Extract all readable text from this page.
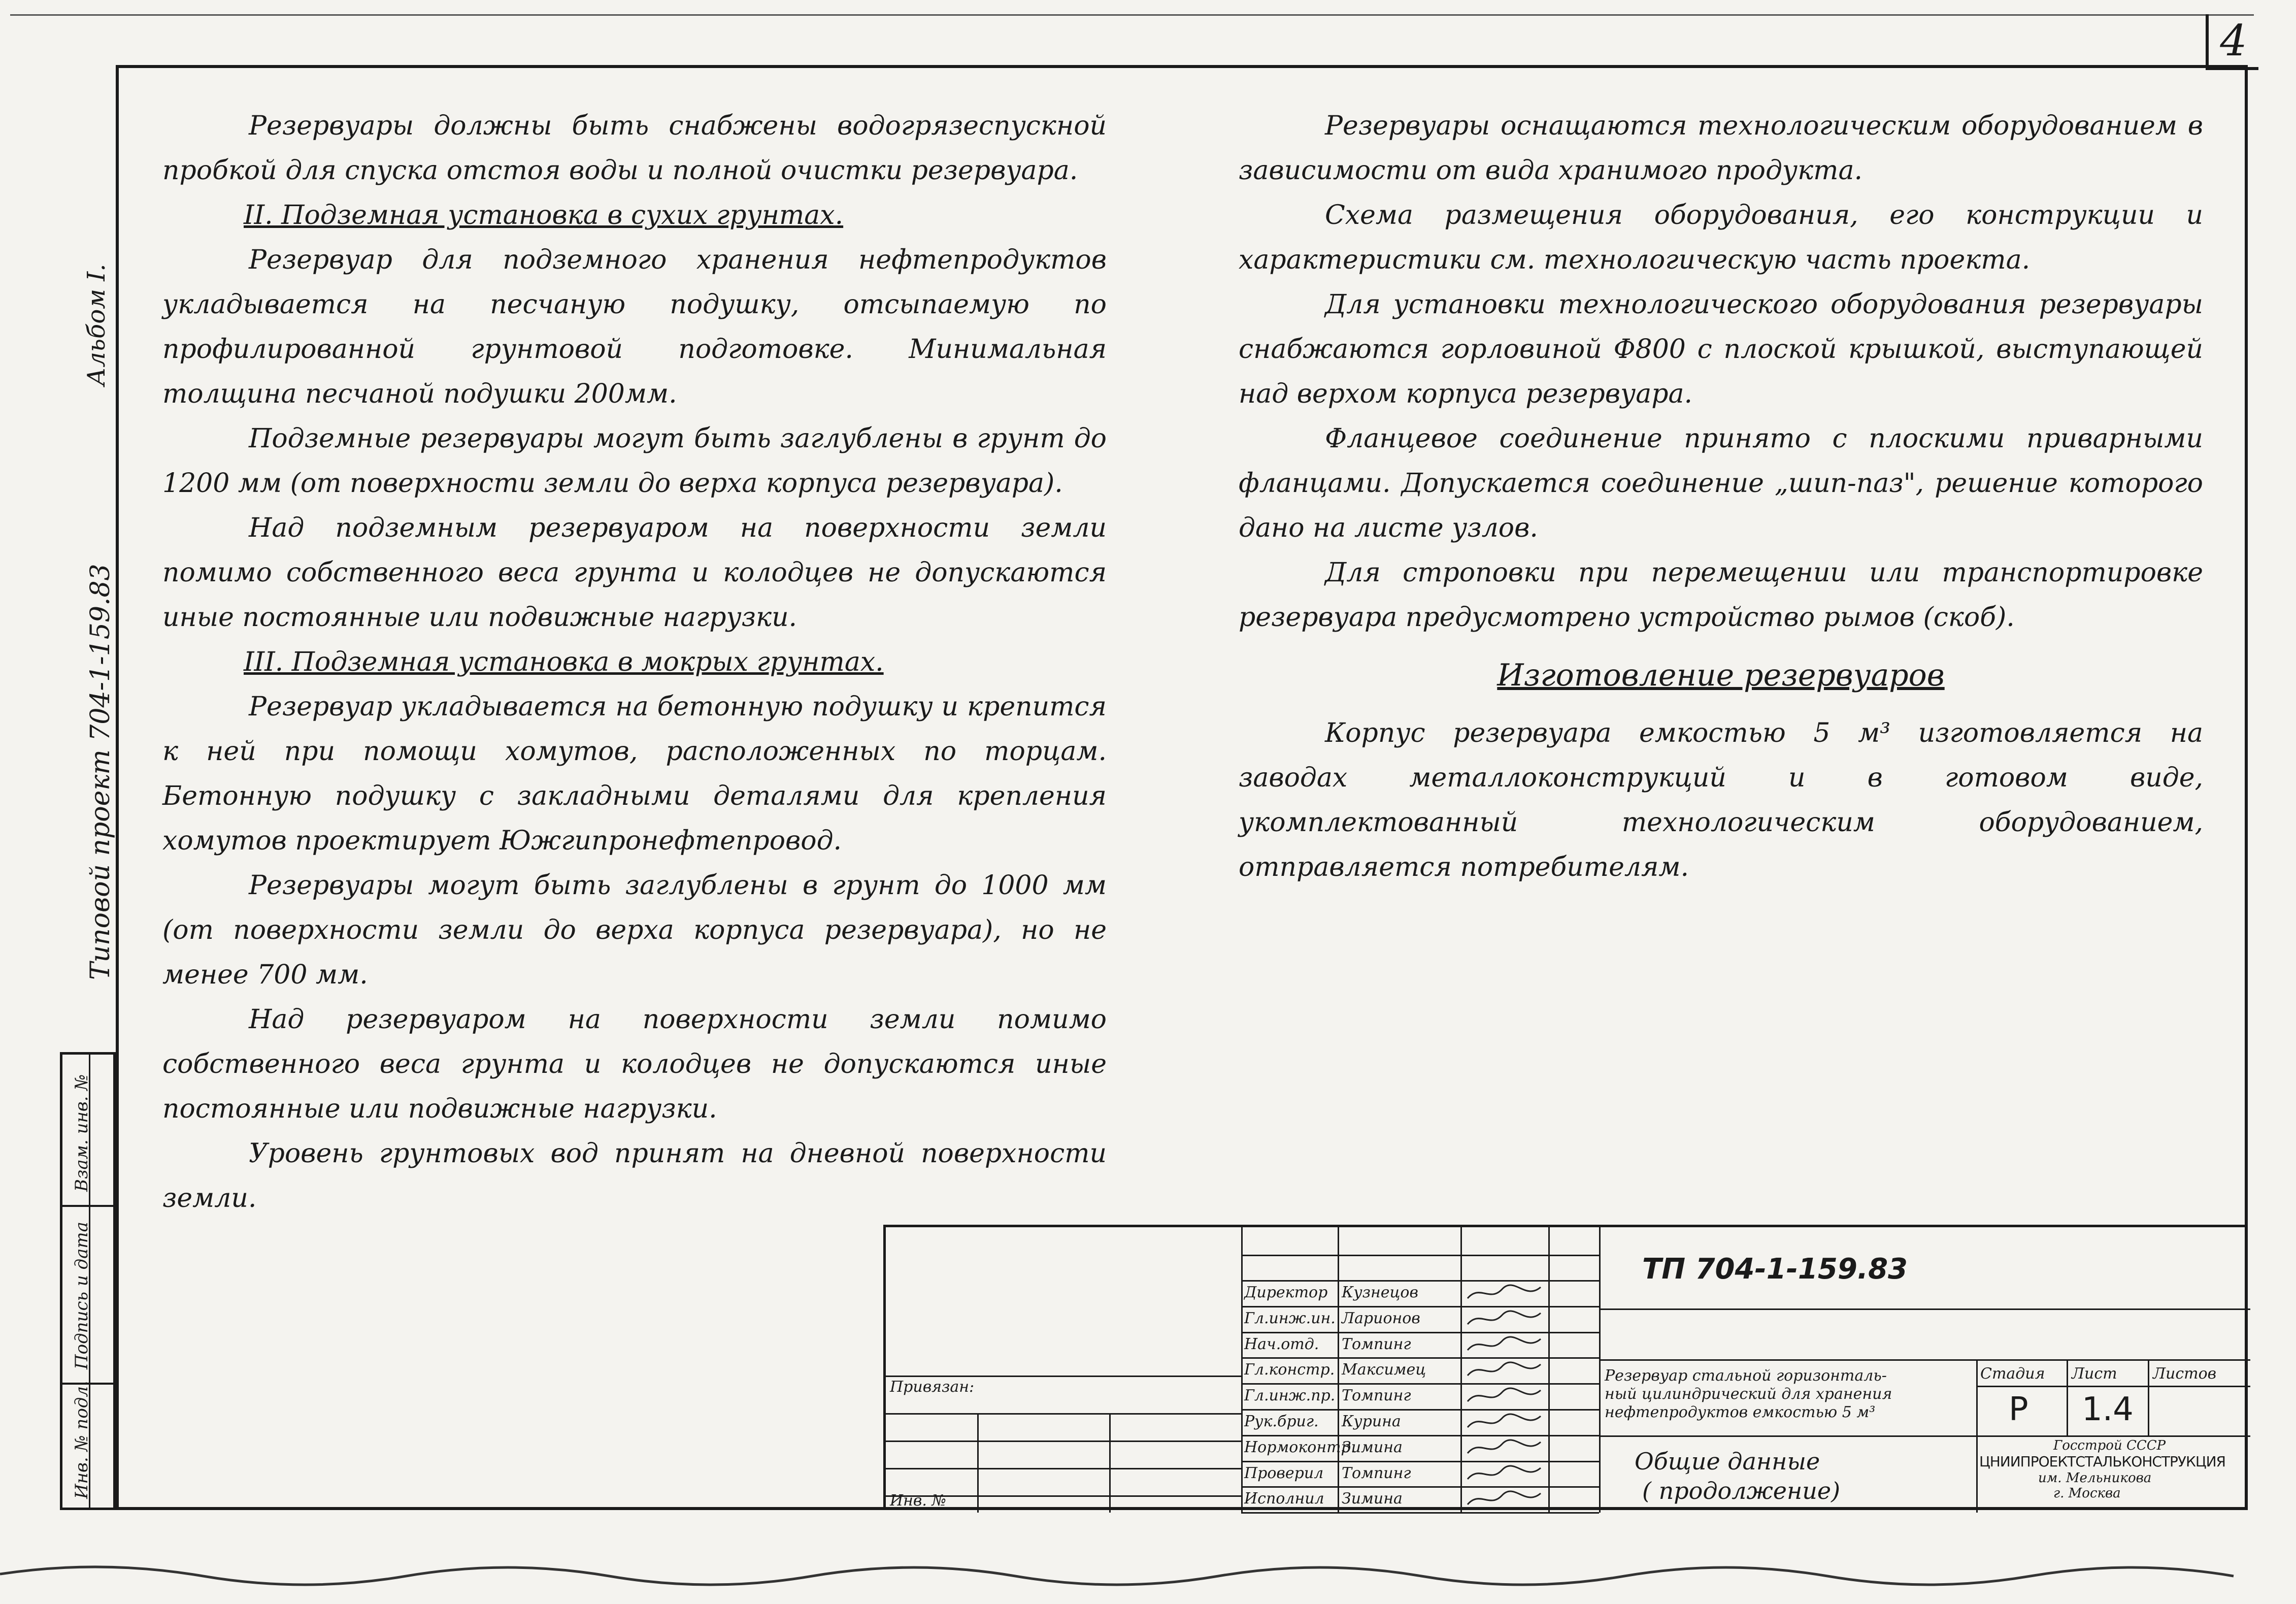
4
Альбом I.
Типовой проект 704-1-159.83
Взам. инв. №
Подпись и дата
Инв. № подл.

Резервуары должны быть снабжены водогрязеспускной пробкой для спуска отстоя воды и полной очистки резервуара.

II. Подземная установка в сухих грунтах.

Резервуар для подземного хранения нефтепродуктов укладывается на песчаную подушку, отсыпаемую по профилированной грунтовой подготовке. Минимальная толщина песчаной подушки 200мм.

Подземные резервуары могут быть заглублены в грунт до 1200 мм (от поверхности земли до верха корпуса резервуара).

Над подземным резервуаром на поверхности земли помимо собственного веса грунта и колодцев не допускаются иные постоянные или подвижные нагрузки.

III. Подземная установка в мокрых грунтах.

Резервуар укладывается на бетонную подушку и крепится к ней при помощи хомутов, расположенных по торцам. Бетонную подушку с закладными деталями для крепления хомутов проектирует Южгипронефтепровод.

Резервуары могут быть заглублены в грунт до 1000 мм (от поверхности земли до верха корпуса резервуара), но не менее 700 мм.

Над резервуаром на поверхности земли помимо собственного веса грунта и колодцев не допускаются иные постоянные или подвижные нагрузки.

Уровень грунтовых вод принят на дневной поверхности земли.

Резервуары оснащаются технологическим оборудованием в зависимости от вида хранимого продукта.

Схема размещения оборудования, его конструкции и характеристики см. технологическую часть проекта.

Для установки технологического оборудования резервуары снабжаются горловиной Ф800 с плоской крышкой, выступающей над верхом корпуса резервуара.

Фланцевое соединение принято с плоскими приварными фланцами. Допускается соединение „шип-паз", решение которого дано на листе узлов.

Для строповки при перемещении или транспортировке резервуара предусмотрено устройство рымов (скоб).

Изготовление резервуаров

Корпус резервуара емкостью 5 м³ изготовляется на заводах металлоконструкций и в готовом виде, укомплектованный технологическим оборудованием, отправляется потребителям.

Привязан:
Инв. №
Директор Кузнецов
Гл.инж.ин. Ларионов
Нач.отд. Томпинг
Гл.констр. Максимец
Гл.инж.пр. Томпинг
Рук.бриг. Курина
Нормоконтр.
Зимина
Проверил Томпинг
Исполнил Зимина
ТП 704-1-159.83
Резервуар стальной горизонталь-
ный цилиндрический для хранения
нефтепродуктов емкостью 5 м³
Общие данные
( продолжение)
Стадия Лист Листов
Р 1.4
Госстрой СССР
ЦНИИПРОЕКТСТАЛЬКОНСТРУКЦИЯ
им. Мельникова
г. Москва
